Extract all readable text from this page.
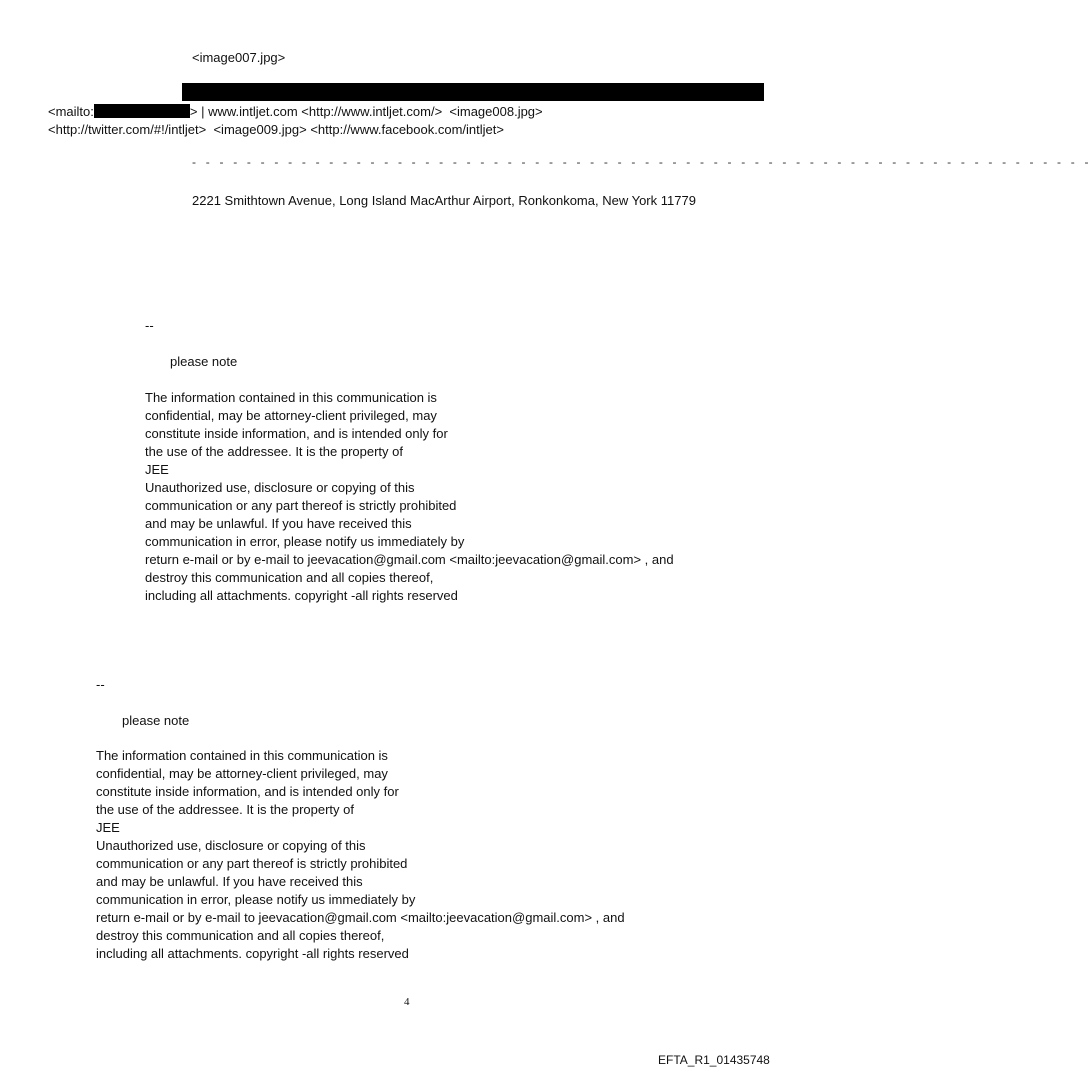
<image007.jpg>

<mailto:	> | www.intljet.com <http://www.intljet.com/>  <image008.jpg>

<http://twitter.com/#!/intljet>  <image009.jpg> <http://www.facebook.com/intljet>

- - - - - - - - - - - - - - - - - - - - - - - - - - - - - - - - - - - - - - - - - - - - - - - - - - - - - - - - - - - - - - - - - -

2221 Smithtown Avenue, Long Island MacArthur Airport, Ronkonkoma, New York 11779

--

please note

The information contained in this communication is
confidential, may be attorney-client privileged, may
constitute inside information, and is intended only for
the use of the addressee. It is the property of
JEE
Unauthorized use, disclosure or copying of this
communication or any part thereof is strictly prohibited
and may be unlawful. If you have received this
communication in error, please notify us immediately by
return e-mail or by e-mail to jeevacation@gmail.com <mailto:jeevacation@gmail.com> , and
destroy this communication and all copies thereof,
including all attachments. copyright -all rights reserved

--

please note

The information contained in this communication is
confidential, may be attorney-client privileged, may
constitute inside information, and is intended only for
the use of the addressee. It is the property of
JEE
Unauthorized use, disclosure or copying of this
communication or any part thereof is strictly prohibited
and may be unlawful. If you have received this
communication in error, please notify us immediately by
return e-mail or by e-mail to jeevacation@gmail.com <mailto:jeevacation@gmail.com> , and
destroy this communication and all copies thereof,
including all attachments. copyright -all rights reserved
4
EFTA_R1_01435748
